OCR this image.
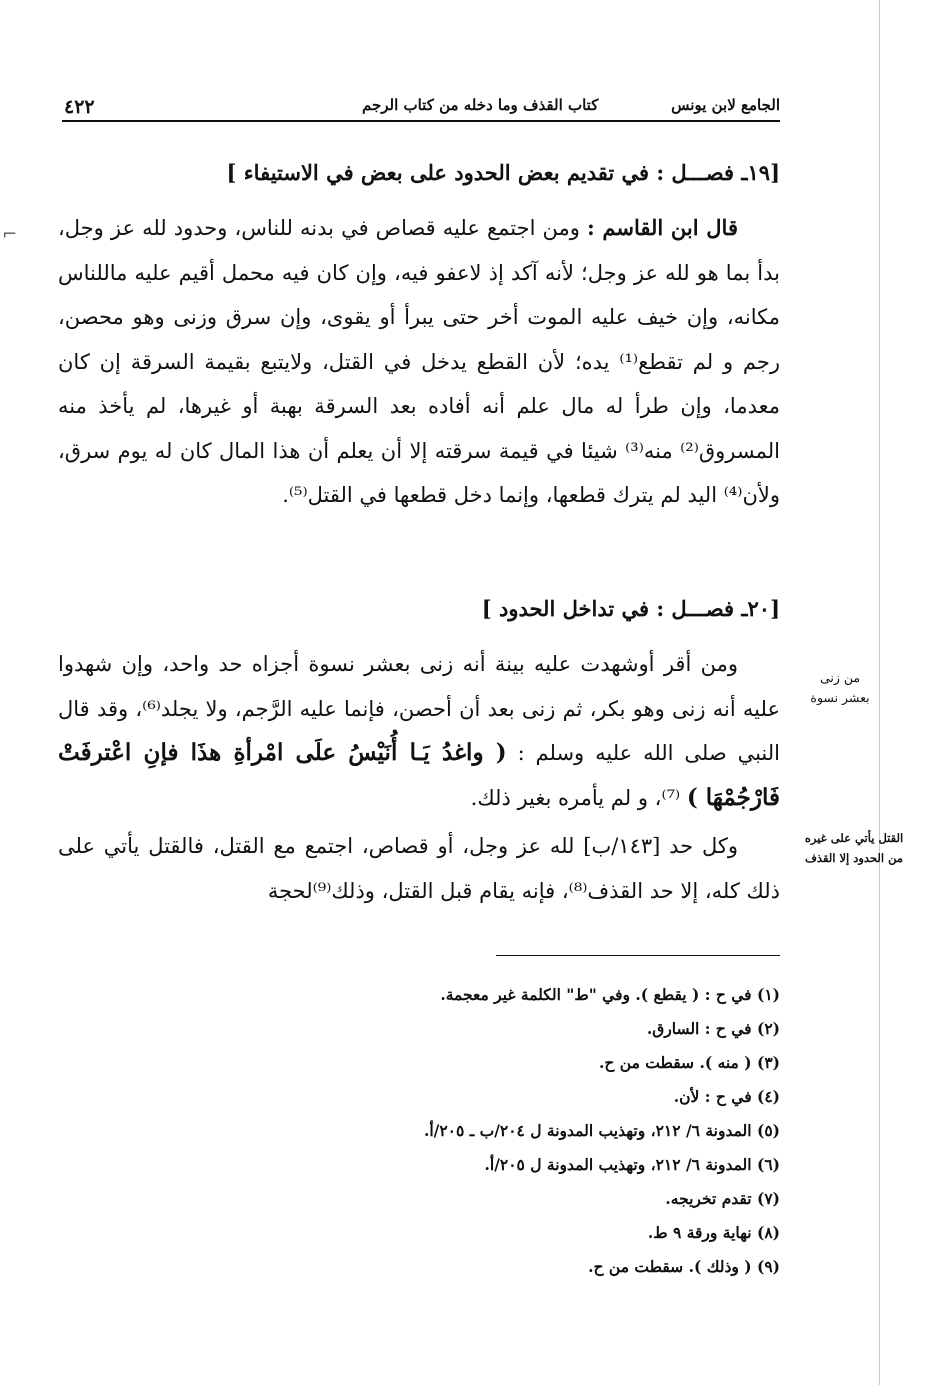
⌐
٤٢٢	كتاب القذف وما دخله من كتاب الرجم	الجامع لابن يونس
[١٩ـ فصـــل : في تقديم بعض الحدود على بعض في الاستيفاء ]

  قال ابن القاسم : ومن اجتمع عليه قصاص في بدنه للناس، وحدود لله عز وجل، بدأ بما هو لله عز وجل؛ لأنه آكد إذ لاعفو فيه، وإن كان فيه محمل أقيم عليه ماللناس مكانه، وإن خيف عليه الموت أخر حتى يبرأ أو يقوى، وإن سرق وزنى وهو محصن، رجم و لم تقطع⁽¹⁾ يده؛ لأن القطع يدخل في القتل، ولايتبع بقيمة السرقة إن كان معدما، وإن طرأ له مال علم أنه أفاده بعد السرقة بهبة أو غيرها، لم يأخذ منه المسروق⁽²⁾ منه⁽³⁾ شيئا في قيمة سرقته إلا أن يعلم أن هذا المال كان له يوم سرق، ولأن⁽⁴⁾ اليد لم يترك قطعها، وإنما دخل قطعها في القتل⁽⁵⁾.

[٢٠ـ فصـــل : في تداخل الحدود ]

  ومن أقر أوشهدت عليه بينة أنه زنى بعشر نسوة أجزاه حد واحد، وإن شهدوا عليه أنه زنى وهو بكر، ثم زنى بعد أن أحصن، فإنما عليه الرَّجم، ولا يجلد⁽⁶⁾، وقد قال النبي صلى الله عليه وسلم : ( واغدُ يَـا أُنَيْسُ علَى امْرأةِ هذَا فإنِ اعْترفَتْ فَارْجُمْهَا ) ⁽⁷⁾، و لم يأمره بغير ذلك.

  وكل حد [١٤٣/ب] لله عز وجل، أو قصاص، اجتمع مع القتل، فالقتل يأتي على ذلك كله، إلا حد القذف⁽⁸⁾، فإنه يقام قبل القتل، وذلك⁽⁹⁾لحجة

من زنى
بعشر نسوة
القتل يأتي على غيره
من الحدود إلا القذف
(١) في ح : ( يقطع ). وفي "ط" الكلمة غير معجمة.
(٢) في ح : السارق.
(٣) ( منه ). سقطت من ح.
(٤) في ح : لأن.
(٥) المدونة ٦/ ٢١٢، وتهذيب المدونة ل ٢٠٤/ب ـ ٢٠٥/أ.
(٦) المدونة ٦/ ٢١٢، وتهذيب المدونة ل ٢٠٥/أ.
(٧) تقدم تخريجه.
(٨) نهاية ورقة ٩ ط.
(٩) ( وذلك ). سقطت من ح.
